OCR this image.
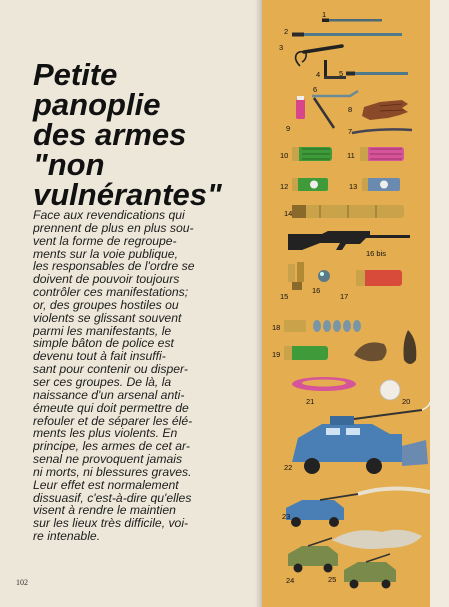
Petite
panoplie
des armes
"non
vulnérantes"

Face aux revendications qui
prennent de plus en plus sou-
vent la forme de regroupe-
ments sur la voie publique,
les responsables de l'ordre se
doivent de pouvoir toujours
contrôler ces manifestations;
or, des groupes hostiles ou
violents se glissant souvent
parmi les manifestants, le
simple bâton de police est
devenu tout à fait insuffi-
sant pour contenir ou disper-
ser ces groupes. De là, la
naissance d'un arsenal anti-
émeute qui doit permettre de
refouler et de séparer les élé-
ments les plus violents. En
principe, les armes de cet ar-
senal ne provoquent jamais
ni morts, ni blessures graves.
Leur effet est normalement
dissuasif, c'est-à-dire qu'elles
visent à rendre le maintien
sur les lieux très difficile, voi-
re intenable.

102
1
2
3
4	5
6
9
8
7
10	11
12	13
14
16 bis
15
16
17
18
19
21	20
22
23
24	25
